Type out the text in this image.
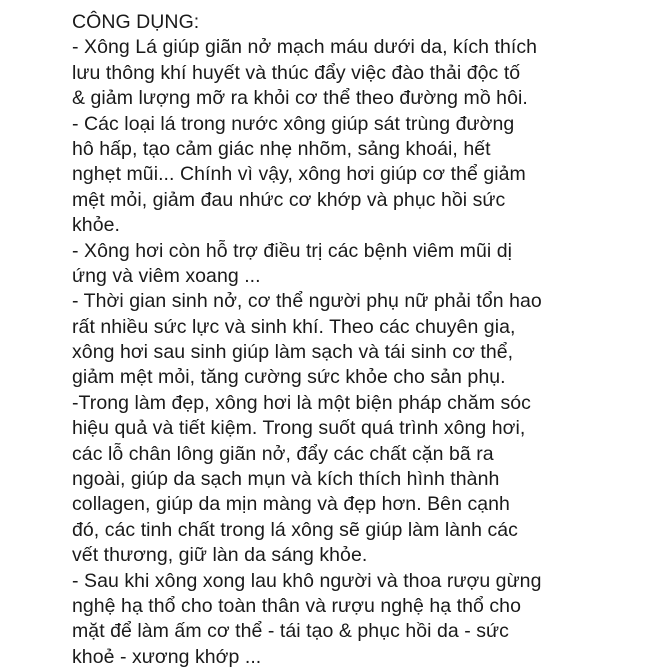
CÔNG DỤNG:
- Xông Lá giúp giãn nở mạch máu dưới da, kích thích
lưu thông khí huyết và thúc đẩy việc đào thải độc tố
& giảm lượng mỡ ra khỏi cơ thể theo đường mồ hôi.
- Các loại lá trong nước xông giúp sát trùng đường
hô hấp, tạo cảm giác nhẹ nhõm, sảng khoái, hết
nghẹt mũi... Chính vì vậy, xông hơi giúp cơ thể giảm
mệt mỏi, giảm đau nhức cơ khớp và phục hồi sức
khỏe.
- Xông hơi còn hỗ trợ điều trị các bệnh viêm mũi dị
ứng và viêm xoang ...
- Thời gian sinh nở, cơ thể người phụ nữ phải tổn hao
rất nhiều sức lực và sinh khí. Theo các chuyên gia,
xông hơi sau sinh giúp làm sạch và tái sinh cơ thể,
giảm mệt mỏi, tăng cường sức khỏe cho sản phụ.
-Trong làm đẹp, xông hơi là một biện pháp chăm sóc
hiệu quả và tiết kiệm. Trong suốt quá trình xông hơi,
các lỗ chân lông giãn nở, đẩy các chất cặn bã ra
ngoài, giúp da sạch mụn và kích thích hình thành
collagen, giúp da mịn màng và đẹp hơn. Bên cạnh
đó, các tinh chất trong lá xông sẽ giúp làm lành các
vết thương, giữ làn da sáng khỏe.
- Sau khi xông xong lau khô người và thoa rượu gừng
nghệ hạ thổ cho toàn thân và rượu nghệ hạ thổ cho
mặt để làm ấm cơ thể - tái tạo & phục hồi da - sức
khoẻ - xương khớp ...
